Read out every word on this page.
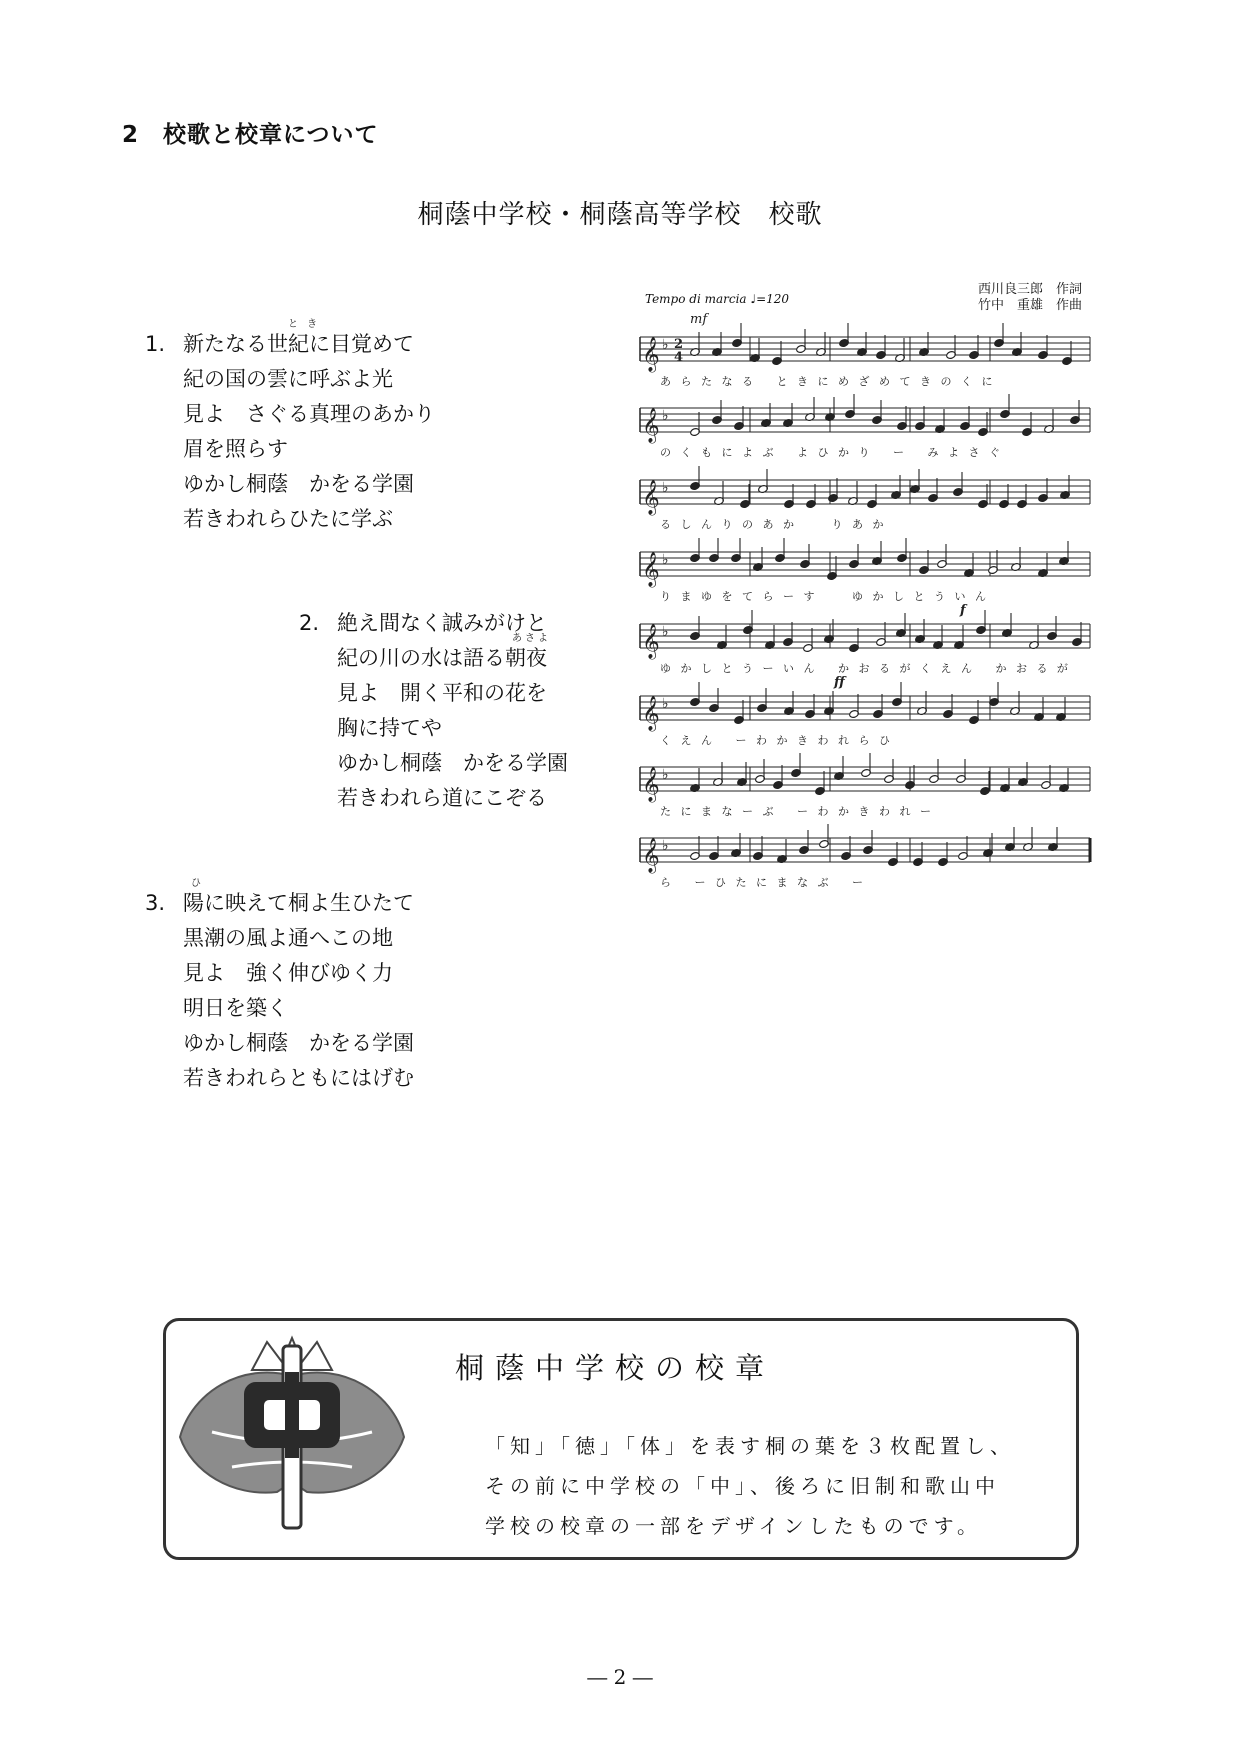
2　校歌と校章について
桐蔭中学校・桐蔭高等学校　校歌
1.
と き
新たなる世紀に目覚めて
紀の国の雲に呼ぶよ光
見よ　さぐる真理のあかり
眉を照らす
ゆかし桐蔭　かをる学園
若きわれらひたに学ぶ
2.
あさよ
絶え間なく誠みがけと
紀の川の水は語る朝夜
見よ　開く平和の花を
胸に持てや
ゆかし桐蔭　かをる学園
若きわれら道にこぞる
3.
ひ
陽に映えて桐よ生ひたて
黒潮の風よ通へこの地
見よ　強く伸びゆく力
明日を築く
ゆかし桐蔭　かをる学園
若きわれらともにはげむ
西川良三郎　作詞
竹中　重雄　作曲
Tempo di marcia ♩=120
𝄞 ♭
4
2
mf
あ ら た な る 　と き に め ざ め て き の く に
𝄞 ♭
の く も に よ ぶ 　よ ひ か り 　ー 　み よ さ ぐ
𝄞 ♭
る し ん り の あ か 　　り あ か
𝄞 ♭
り ま ゆ を て ら ー す 　　ゆ か し と う い ん
𝄞 ♭
f
ゆ か し と う ー い ん 　か お る が く え ん 　か お る が
𝄞 ♭
ff
く え ん 　ー わ か き わ れ ら ひ
𝄞 ♭
た に ま な ー ぶ 　ー わ か き わ れ ー
𝄞 ♭
ら 　ー ひ た に ま な ぶ 　ー
中
桐蔭中学校の校章
「知」「徳」「体」を表す桐の葉を３枚配置し、
その前に中学校の「中」、後ろに旧制和歌山中
学校の校章の一部をデザインしたものです。
― 2 ―
